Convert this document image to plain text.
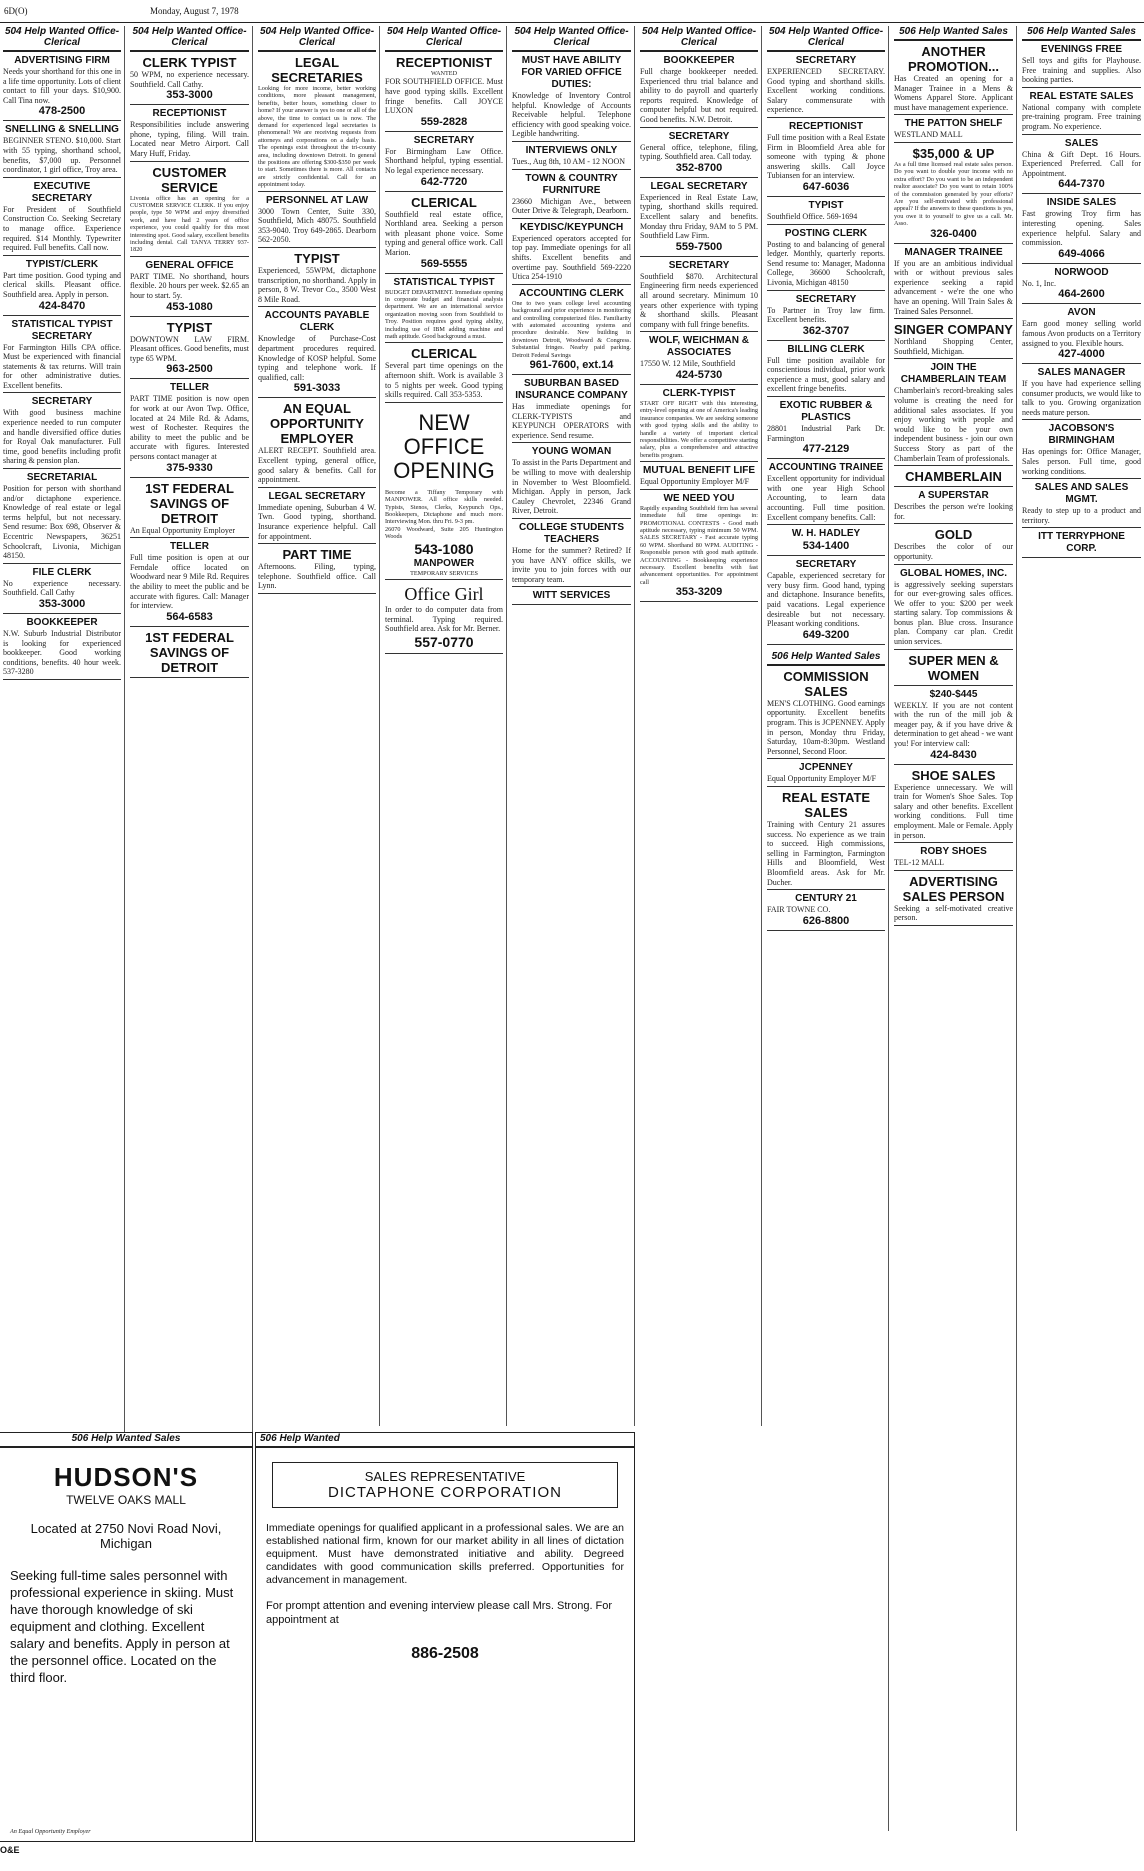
6D(O)	Monday, August 7, 1978
504 Help Wanted Office-Clerical
ADVERTISING FIRM
Needs your shorthand for this one in a life time opportunity. Lots of client contact to fill your days. $10,900. Call Tina now.
478-2500
SNELLING & SNELLING
BEGINNER STENO. $10,000. Start with 55 typing, shorthand school, benefits, $7,000 up. Personnel coordinator, 1 girl office, Troy area.
EXECUTIVE SECRETARY
For President of Southfield Construction Co. Seeking Secretary to manage office. Experience required. $14 Monthly. Typewriter required. Full benefits. Call now.
TYPIST/CLERK
Part time position. Good typing and clerical skills. Pleasant office. Southfield area. Apply in person.
424-8470
STATISTICAL TYPIST SECRETARY
For Farmington Hills CPA office. Must be experienced with financial statements & tax returns. Will train for other administrative duties. Excellent benefits.
SECRETARY
With good business machine experience needed to run computer and handle diversified office duties for Royal Oak manufacturer. Full time, good benefits including profit sharing & pension plan.
SECRETARIAL
Position for person with shorthand and/or dictaphone experience. Knowledge of real estate or legal terms helpful, but not necessary. Send resume: Box 698, Observer & Eccentric Newspapers, 36251 Schoolcraft, Livonia, Michigan 48150.
FILE CLERK
No experience necessary. Southfield. Call Cathy
353-3000
BOOKKEEPER
N.W. Suburb Industrial Distributor is looking for experienced bookkeeper. Good working conditions, benefits. 40 hour week. 537-3280
504 Help Wanted Office-Clerical
CLERK TYPIST
50 WPM, no experience necessary. Southfield. Call Cathy.
353-3000
RECEPTIONIST
Responsibilities include answering phone, typing, filing. Will train. Located near Metro Airport. Call Mary Huff, Friday.
CUSTOMER SERVICE
Livonia office has an opening for a CUSTOMER SERVICE CLERK. If you enjoy people, type 50 WPM and enjoy diversified work, and have had 2 years of office experience, you could qualify for this most interesting spot. Good salary, excellent benefits including dental. Call TANYA TERRY 937-1820
GENERAL OFFICE
PART TIME. No shorthand, hours flexible. 20 hours per week. $2.65 an hour to start. 5y.
453-1080
TYPIST
DOWNTOWN LAW FIRM. Pleasant offices. Good benefits, must type 65 WPM.
963-2500
TELLER
PART TIME position is now open for work at our Avon Twp. Office, located at 24 Mile Rd. & Adams, west of Rochester. Requires the ability to meet the public and be accurate with figures. Interested persons contact manager at
375-9330
1ST FEDERAL SAVINGS OF DETROIT
An Equal Opportunity Employer
TELLER
Full time position is open at our Ferndale office located on Woodward near 9 Mile Rd. Requires the ability to meet the public and be accurate with figures. Call: Manager for interview.
564-6583
1ST FEDERAL SAVINGS OF DETROIT
504 Help Wanted Office-Clerical
LEGAL SECRETARIES
Looking for more income, better working conditions, more pleasant management, benefits, better hours, something closer to home? If your answer is yes to one or all of the above, the time to contact us is now. The demand for experienced legal secretaries is phenomenal! We are receiving requests from attorneys and corporations on a daily basis. The openings exist throughout the tri-county area, including downtown Detroit. In general the positions are offering $300-$350 per week to start. Sometimes there is more. All contacts are strictly confidential. Call for an appointment today.
PERSONNEL AT LAW
3000 Town Center, Suite 330, Southfield, Mich 48075. Southfield 353-9040. Troy 649-2865. Dearborn 562-2050.
TYPIST
Experienced, 55WPM, dictaphone transcription, no shorthand. Apply in person, 8 W. Trevor Co., 3500 West 8 Mile Road.
ACCOUNTS PAYABLE CLERK
Knowledge of Purchase-Cost department procedures required. Knowledge of KOSP helpful. Some typing and telephone work. If qualified, call:
591-3033
AN EQUAL OPPORTUNITY EMPLOYER
ALERT RECEPT. Southfield area. Excellent typing, general office, good salary & benefits. Call for appointment.
LEGAL SECRETARY
Immediate opening, Suburban 4 W. Twn. Good typing, shorthand. Insurance experience helpful. Call for appointment.
PART TIME
Afternoons. Filing, typing, telephone. Southfield office. Call Lynn.
504 Help Wanted Office-Clerical
RECEPTIONIST
WANTED
FOR SOUTHFIELD OFFICE. Must have good typing skills. Excellent fringe benefits. Call JOYCE LUXON
559-2828
SECRETARY
For Birmingham Law Office. Shorthand helpful, typing essential. No legal experience necessary.
642-7720
CLERICAL
Southfield real estate office, Northland area. Seeking a person with pleasant phone voice. Some typing and general office work. Call Marion.
569-5555
STATISTICAL TYPIST
BUDGET DEPARTMENT. Immediate opening in corporate budget and financial analysis department. We are an international service organization moving soon from Southfield to Troy. Position requires good typing ability, including use of IBM adding machine and math aptitude. Good background a must.
CLERICAL
Several part time openings on the afternoon shift. Work is available 3 to 5 nights per week. Good typing skills required. Call 353-5353.
NEW
OFFICE
OPENING
Become a Tiffany Temporary with MANPOWER. All office skills needed. Typists, Stenos, Clerks, Keypunch Ops., Bookkeepers, Dictaphone and much more. Interviewing Mon. thru Fri. 9-3 pm.
26070 Woodward, Suite 205 Huntington Woods
543-1080
MANPOWER
TEMPORARY SERVICES
Office Girl
In order to do computer data from terminal. Typing required. Southfield area. Ask for Mr. Berner.
557-0770
504 Help Wanted Office-Clerical
MUST HAVE ABILITY FOR VARIED OFFICE DUTIES:
Knowledge of Inventory Control helpful. Knowledge of Accounts Receivable helpful. Telephone efficiency with good speaking voice. Legible handwriting.
INTERVIEWS ONLY
Tues., Aug 8th, 10 AM - 12 NOON
TOWN & COUNTRY FURNITURE
23660 Michigan Ave., between Outer Drive & Telegraph, Dearborn.
KEYDISC/KEYPUNCH
Experienced operators accepted for top pay. Immediate openings for all shifts. Excellent benefits and overtime pay. Southfield 569-2220 Utica 254-1910
ACCOUNTING CLERK
One to two years college level accounting background and prior experience in monitoring and controlling computerized files. Familiarity with automated accounting systems and procedure desirable. New building in downtown Detroit, Woodward & Congress. Substantial fringes. Nearby paid parking. Detroit Federal Savings
961-7600, ext.14
SUBURBAN BASED INSURANCE COMPANY
Has immediate openings for CLERK-TYPISTS and KEYPUNCH OPERATORS with experience. Send resume.
YOUNG WOMAN
To assist in the Parts Department and be willing to move with dealership in November to West Bloomfield. Michigan. Apply in person, Jack Cauley Chevrolet, 22346 Grand River, Detroit.
COLLEGE STUDENTS TEACHERS
Home for the summer? Retired? If you have ANY office skills, we invite you to join forces with our temporary team.
WITT SERVICES
504 Help Wanted Office-Clerical
BOOKKEEPER
Full charge bookkeeper needed. Experienced thru trial balance and ability to do payroll and quarterly reports required. Knowledge of computer helpful but not required. Good benefits. N.W. Detroit.
SECRETARY
General office, telephone, filing, typing. Southfield area. Call today.
352-8700
LEGAL SECRETARY
Experienced in Real Estate Law, typing, shorthand skills required. Excellent salary and benefits. Monday thru Friday, 9AM to 5 PM. Southfield Law Firm.
559-7500
SECRETARY
Southfield $870. Architectural Engineering firm needs experienced all around secretary. Minimum 10 years other experience with typing & shorthand skills. Pleasant company with full fringe benefits.
WOLF, WEICHMAN & ASSOCIATES
17550 W. 12 Mile, Southfield
424-5730
CLERK-TYPIST
START OFF RIGHT with this interesting, entry-level opening at one of America's leading insurance companies. We are seeking someone with good typing skills and the ability to handle a variety of important clerical responsibilities. We offer a competitive starting salary, plus a comprehensive and attractive benefits program.
MUTUAL BENEFIT LIFE
Equal Opportunity Employer M/F
WE NEED YOU
Rapidly expanding Southfield firm has several immediate full time openings in: PROMOTIONAL CONTESTS - Good math aptitude necessary, typing minimum 50 WPM. SALES SECRETARY - Fast accurate typing 60 WPM. Shorthand 80 WPM. AUDITING - Responsible person with good math aptitude. ACCOUNTING - Bookkeeping experience necessary. Excellent benefits with fast advancement opportunities. For appointment call
353-3209
504 Help Wanted Office-Clerical
SECRETARY
EXPERIENCED SECRETARY. Good typing and shorthand skills. Excellent working conditions. Salary commensurate with experience.
RECEPTIONIST
Full time position with a Real Estate Firm in Bloomfield Area able for someone with typing & phone answering skills. Call Joyce Tubiansen for an interview.
647-6036
TYPIST
Southfield Office. 569-1694
POSTING CLERK
Posting to and balancing of general ledger. Monthly, quarterly reports. Send resume to: Manager, Madonna College, 36600 Schoolcraft, Livonia, Michigan 48150
SECRETARY
To Partner in Troy law firm. Excellent benefits.
362-3707
BILLING CLERK
Full time position available for conscientious individual, prior work experience a must, good salary and excellent fringe benefits.
EXOTIC RUBBER & PLASTICS
28801 Industrial Park Dr. Farmington
477-2129
ACCOUNTING TRAINEE
Excellent opportunity for individual with one year High School Accounting, to learn data accounting. Full time position. Excellent company benefits. Call:
W. H. HADLEY
534-1400
SECRETARY
Capable, experienced secretary for very busy firm. Good hand, typing and dictaphone. Insurance benefits, paid vacations. Legal experience desireable but not necessary. Pleasant working conditions.
649-3200
506 Help Wanted Sales
COMMISSION SALES
MEN'S CLOTHING. Good earnings opportunity. Excellent benefits program. This is JCPENNEY. Apply in person, Monday thru Friday, Saturday, 10am-8:30pm. Westland Personnel, Second Floor.
JCPENNEY
Equal Opportunity Employer M/F
REAL ESTATE SALES
Training with Century 21 assures success. No experience as we train to succeed. High commissions, selling in Farmington, Farmington Hills and Bloomfield, West Bloomfield areas. Ask for Mr. Ducher.
CENTURY 21
FAIR TOWNE CO.
626-8800
506 Help Wanted Sales
ANOTHER PROMOTION...
Has Created an opening for a Manager Trainee in a Mens & Womens Apparel Store. Applicant must have management experience.
THE PATTON SHELF
WESTLAND MALL
$35,000 & UP
As a full time licensed real estate sales person. Do you want to double your income with no extra effort? Do you want to be an independent realtor associate? Do you want to retain 100% of the commission generated by your efforts? Are you self-motivated with professional appeal? If the answers to these questions is yes, you owe it to yourself to give us a call. Mr. Asso.
326-0400
MANAGER TRAINEE
If you are an ambitious individual with or without previous sales experience seeking a rapid advancement - we're the one who have an opening. Will Train Sales & Trained Sales Personnel.
SINGER COMPANY
Northland Shopping Center, Southfield, Michigan.
JOIN THE CHAMBERLAIN TEAM
Chamberlain's record-breaking sales volume is creating the need for additional sales associates. If you enjoy working with people and would like to be your own independent business - join our own Success Story as part of the Chamberlain Team of professionals.
CHAMBERLAIN
A SUPERSTAR
Describes the person we're looking for.
GOLD
Describes the color of our opportunity.
GLOBAL HOMES, INC.
is aggressively seeking superstars for our ever-growing sales offices. We offer to you: $200 per week starting salary. Top commissions & bonus plan. Blue cross. Insurance plan. Company car plan. Credit union services.
SUPER MEN & WOMEN
$240-$445
WEEKLY. If you are not content with the run of the mill job & meager pay, & if you have drive & determination to get ahead - we want you! For interview call:
424-8430
SHOE SALES
Experience unnecessary. We will train for Women's Shoe Sales. Top salary and other benefits. Excellent working conditions. Full time employment. Male or Female. Apply in person.
ROBY SHOES
TEL-12 MALL
ADVERTISING SALES PERSON
Seeking a self-motivated creative person.
506 Help Wanted Sales
EVENINGS FREE
Sell toys and gifts for Playhouse. Free training and supplies. Also booking parties.
REAL ESTATE SALES
National company with complete pre-training program. Free training program. No experience.
SALES
China & Gift Dept. 16 Hours. Experienced Preferred. Call for Appointment.
644-7370
INSIDE SALES
Fast growing Troy firm has interesting opening. Sales experience helpful. Salary and commission.
649-4066
NORWOOD
No. 1, Inc.
464-2600
AVON
Earn good money selling world famous Avon products on a Territory assigned to you. Flexible hours.
427-4000
SALES MANAGER
If you have had experience selling consumer products, we would like to talk to you. Growing organization needs mature person.
JACOBSON'S BIRMINGHAM
Has openings for: Office Manager, Sales person. Full time, good working conditions.
SALES AND SALES MGMT.
Ready to step up to a product and territory.
ITT TERRYPHONE CORP.
506 Help Wanted Sales
HUDSON'S
TWELVE OAKS MALL
Located at 2750 Novi Road Novi, Michigan
Seeking full-time sales personnel with professional experience in skiing. Must have thorough knowledge of ski equipment and clothing. Excellent salary and benefits. Apply in person at the personnel office. Located on the third floor.
An Equal Opportunity Employer
506 Help Wanted
SALES REPRESENTATIVE
DICTAPHONE CORPORATION
Immediate openings for qualified applicant in a professional sales. We are an established national firm, known for our market ability in all lines of dictation equipment. Must have demonstrated initiative and ability. Degreed candidates with good communication skills preferred. Opportunities for advancement in management.
For prompt attention and evening interview please call Mrs. Strong. For appointment at
886-2508
O&E
